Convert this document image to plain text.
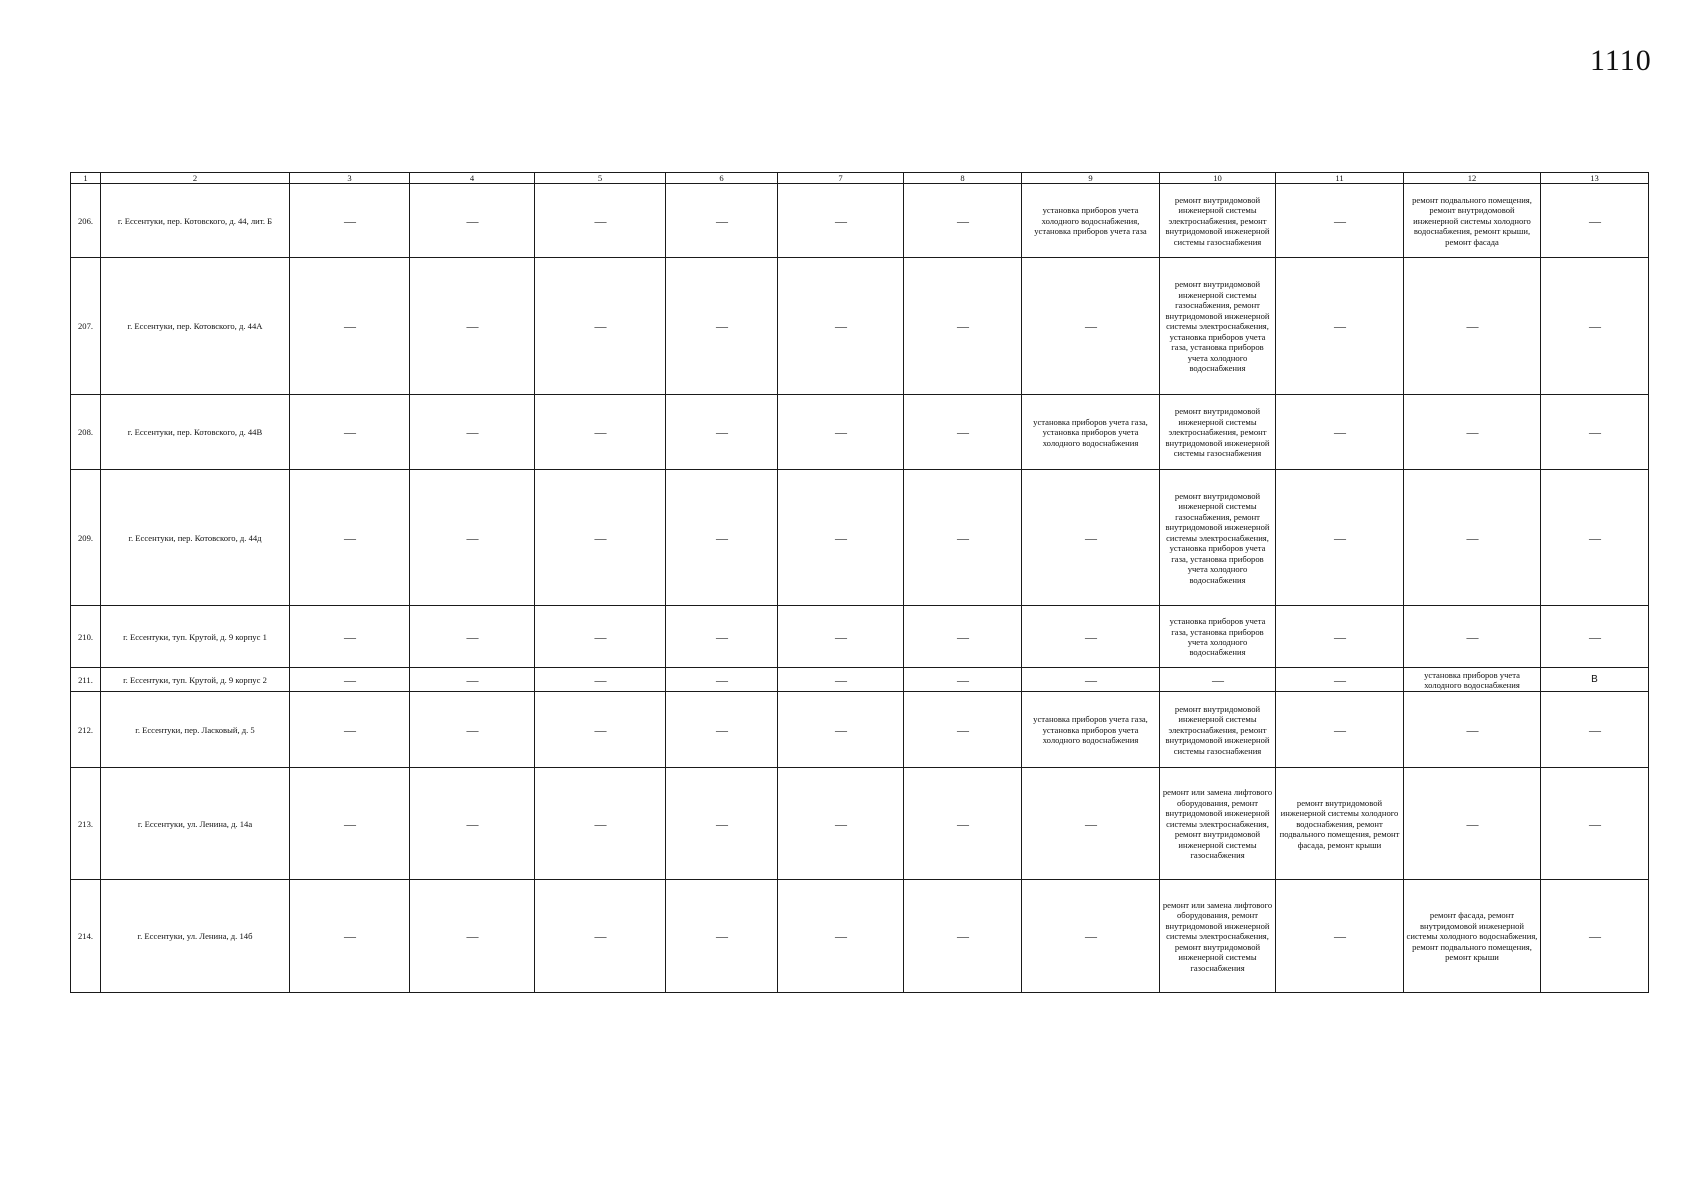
1110
1	2	3	4	5	6	7	8	9	10	11	12	13
206.	г. Ессентуки, пер. Котовского, д. 44, лит. Б	—	—	—	—	—	—	установка приборов учета холодного водоснабжения, установка приборов учета газа	ремонт внутридомовой инженерной системы электроснабжения, ремонт внутридомовой инженерной системы газоснабжения	—	ремонт подвального помещения, ремонт внутридомовой инженерной системы холодного водоснабжения, ремонт крыши, ремонт фасада	—
207.	г. Ессентуки, пер. Котовского, д. 44А	—	—	—	—	—	—	—	ремонт внутридомовой инженерной системы газоснабжения, ремонт внутридомовой инженерной системы электроснабжения, установка приборов учета газа, установка приборов учета холодного водоснабжения	—	—	—
208.	г. Ессентуки, пер. Котовского, д. 44В	—	—	—	—	—	—	установка приборов учета газа, установка приборов учета холодного водоснабжения	ремонт внутридомовой инженерной системы электроснабжения, ремонт внутридомовой инженерной системы газоснабжения	—	—	—
209.	г. Ессентуки, пер. Котовского, д. 44д	—	—	—	—	—	—	—	ремонт внутридомовой инженерной системы газоснабжения, ремонт внутридомовой инженерной системы электроснабжения, установка приборов учета газа, установка приборов учета холодного водоснабжения	—	—	—
210.	г. Ессентуки, туп. Крутой, д. 9 корпус 1	—	—	—	—	—	—	—	установка приборов учета газа, установка приборов учета холодного водоснабжения	—	—	—
211.	г. Ессентуки, туп. Крутой, д. 9 корпус 2	—	—	—	—	—	—	—	—	—	установка приборов учета холодного водоснабжения	В
212.	г. Ессентуки, пер. Ласковый, д. 5	—	—	—	—	—	—	установка приборов учета газа, установка приборов учета холодного водоснабжения	ремонт внутридомовой инженерной системы электроснабжения, ремонт внутридомовой инженерной системы газоснабжения	—	—	—
213.	г. Ессентуки, ул. Ленина, д. 14а	—	—	—	—	—	—	—	ремонт или замена лифтового оборудования, ремонт внутридомовой инженерной системы электроснабжения, ремонт внутридомовой инженерной системы газоснабжения	ремонт внутридомовой инженерной системы холодного водоснабжения, ремонт подвального помещения, ремонт фасада, ремонт крыши	—	—
214.	г. Ессентуки, ул. Ленина, д. 14б	—	—	—	—	—	—	—	ремонт или замена лифтового оборудования, ремонт внутридомовой инженерной системы электроснабжения, ремонт внутридомовой инженерной системы газоснабжения	—	ремонт фасада, ремонт внутридомовой инженерной системы холодного водоснабжения, ремонт подвального помещения, ремонт крыши	—
